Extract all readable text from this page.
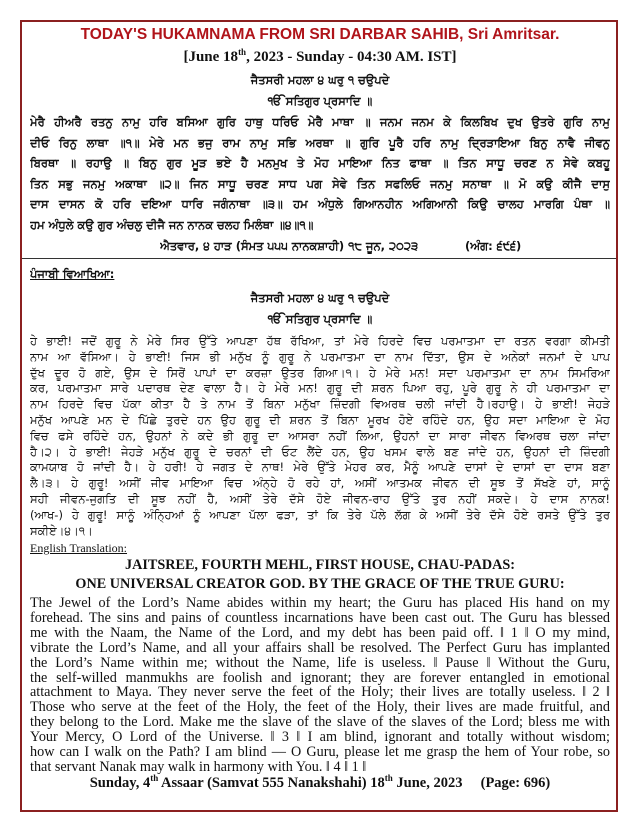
TODAY'S HUKAMNAMA FROM SRI DARBAR SAHIB, Sri Amritsar.
[June 18th, 2023 - Sunday - 04:30 AM. IST]
ਜੈਤਸਰੀ ਮਹਲਾ ੪ ਘਰੁ ੧ ਚਉਪਦੇ
ੴ ਸਤਿਗੁਰ ਪ੍ਰਸਾਦਿ ॥
ਮੇਰੈ ਹੀਅਰੈ ਰਤਨੁ ਨਾਮੁ ਹਰਿ ਬਸਿਆ ਗੁਰਿ ਹਾਥੁ ਧਰਿਓ ਮੇਰੈ ਮਾਥਾ ॥ ਜਨਮ ਜਨਮ ਕੇ ਕਿਲਬਿਖ ਦੁਖ ਉਤਰੇ ਗੁਰਿ ਨਾਮੁ
ਦੀਓ ਰਿਨੁ ਲਾਥਾ ॥੧॥ ਮੇਰੇ ਮਨ ਭਜੁ ਰਾਮ ਨਾਮੁ ਸਭਿ ਅਰਥਾ ॥ ਗੁਰਿ ਪੂਰੈ ਹਰਿ ਨਾਮੁ ਦ੍ਰਿੜਾਇਆ ਬਿਨੁ ਨਾਵੈ ਜੀਵਨੁ
ਬਿਰਥਾ ॥ ਰਹਾਉ ॥ ਬਿਨੁ ਗੁਰ ਮੂੜ ਭਏ ਹੈ ਮਨਮੁਖ ਤੇ ਮੋਹ ਮਾਇਆ ਨਿਤ ਫਾਥਾ ॥ ਤਿਨ ਸਾਧੂ ਚਰਣ ਨ ਸੇਵੇ ਕਬਹੂ
ਤਿਨ ਸਭੁ ਜਨਮੁ ਅਕਾਥਾ ॥੨॥ ਜਿਨ ਸਾਧੂ ਚਰਣ ਸਾਧ ਪਗ ਸੇਵੇ ਤਿਨ ਸਫਲਿਓ ਜਨਮੁ ਸਨਾਥਾ ॥ ਮੋ ਕਉ ਕੀਜੈ ਦਾਸੁ
ਦਾਸ ਦਾਸਨ ਕੋ ਹਰਿ ਦਇਆ ਧਾਰਿ ਜਗੰਨਾਥਾ ॥੩॥ ਹਮ ਅੰਧੁਲੇ ਗਿਆਨਹੀਨ ਅਗਿਆਨੀ ਕਿਉ ਚਾਲਹ ਮਾਰਗਿ ਪੰਥਾ ॥
ਹਮ ਅੰਧੁਲੇ ਕਉ ਗੁਰ ਅੰਚਲੁ ਦੀਜੈ ਜਨ ਨਾਨਕ ਚਲਹ ਮਿਲੰਥਾ ॥੪॥੧॥
ਐਤਵਾਰ, ੪ ਹਾੜ (ਸੰਮਤ ੫੫੫ ਨਾਨਕਸ਼ਾਹੀ) ੧੮ ਜੂਨ, ੨੦੨੩	(ਅੰਗ: ੬੯੬)
ਪੰਜਾਬੀ ਵਿਆਖਿਆ:
ਜੈਤਸਰੀ ਮਹਲਾ ੪ ਘਰੁ ੧ ਚਉਪਦੇ
ੴ ਸਤਿਗੁਰ ਪ੍ਰਸਾਦਿ ॥
ਹੇ ਭਾਈ! ਜਦੋਂ ਗੁਰੂ ਨੇ ਮੇਰੇ ਸਿਰ ਉੱਤੇ ਆਪਣਾ ਹੱਥ ਰੱਖਿਆ, ਤਾਂ ਮੇਰੇ ਹਿਰਦੇ ਵਿਚ ਪਰਮਾਤਮਾ ਦਾ ਰਤਨ ਵਰਗਾ ਕੀਮਤੀ
ਨਾਮ ਆ ਵੱਸਿਆ। ਹੇ ਭਾਈ! ਜਿਸ ਭੀ ਮਨੁੱਖ ਨੂੰ ਗੁਰੂ ਨੇ ਪਰਮਾਤਮਾ ਦਾ ਨਾਮ ਦਿੱਤਾ, ਉਸ ਦੇ ਅਨੇਕਾਂ ਜਨਮਾਂ ਦੇ ਪਾਪ
ਦੁੱਖ ਦੂਰ ਹੋ ਗਏ, ਉਸ ਦੇ ਸਿਰੋਂ ਪਾਪਾਂ ਦਾ ਕਰਜ਼ਾ ਉਤਰ ਗਿਆ।੧। ਹੇ ਮੇਰੇ ਮਨ! ਸਦਾ ਪਰਮਾਤਮਾ ਦਾ ਨਾਮ ਸਿਮਰਿਆ
ਕਰ, ਪਰਮਾਤਮਾ ਸਾਰੇ ਪਦਾਰਥ ਦੇਣ ਵਾਲਾ ਹੈ। ਹੇ ਮੇਰੇ ਮਨ! ਗੁਰੂ ਦੀ ਸ਼ਰਨ ਪਿਆ ਰਹੁ, ਪੂਰੇ ਗੁਰੂ ਨੇ ਹੀ ਪਰਮਾਤਮਾ ਦਾ
ਨਾਮ ਹਿਰਦੇ ਵਿਚ ਪੱਕਾ ਕੀਤਾ ਹੈ ਤੇ ਨਾਮ ਤੋਂ ਬਿਨਾ ਮਨੁੱਖਾ ਜ਼ਿੰਦਗੀ ਵਿਅਰਥ ਚਲੀ ਜਾਂਦੀ ਹੈ।ਰਹਾਉ। ਹੇ ਭਾਈ! ਜੇਹੜੇ
ਮਨੁੱਖ ਆਪਣੇ ਮਨ ਦੇ ਪਿੱਛੇ ਤੁਰਦੇ ਹਨ ਉਹ ਗੁਰੂ ਦੀ ਸ਼ਰਨ ਤੋਂ ਬਿਨਾ ਮੂਰਖ ਹੋਏ ਰਹਿੰਦੇ ਹਨ, ਉਹ ਸਦਾ ਮਾਇਆ ਦੇ ਮੋਹ
ਵਿਚ ਫਸੇ ਰਹਿੰਦੇ ਹਨ, ਉਹਨਾਂ ਨੇ ਕਦੇ ਭੀ ਗੁਰੂ ਦਾ ਆਸਰਾ ਨਹੀਂ ਲਿਆ, ਉਹਨਾਂ ਦਾ ਸਾਰਾ ਜੀਵਨ ਵਿਅਰਥ ਚਲਾ ਜਾਂਦਾ
ਹੈ।੨। ਹੇ ਭਾਈ! ਜੇਹੜੇ ਮਨੁੱਖ ਗੁਰੂ ਦੇ ਚਰਨਾਂ ਦੀ ਓਟ ਲੈਂਦੇ ਹਨ, ਉਹ ਖਸਮ ਵਾਲੇ ਬਣ ਜਾਂਦੇ ਹਨ, ਉਹਨਾਂ ਦੀ ਜ਼ਿੰਦਗੀ
ਕਾਮਯਾਬ ਹੋ ਜਾਂਦੀ ਹੈ। ਹੇ ਹਰੀ! ਹੇ ਜਗਤ ਦੇ ਨਾਥ! ਮੇਰੇ ਉੱਤੇ ਮੇਹਰ ਕਰ, ਮੈਨੂੰ ਆਪਣੇ ਦਾਸਾਂ ਦੇ ਦਾਸਾਂ ਦਾ ਦਾਸ ਬਣਾ
ਲੈ।੩। ਹੇ ਗੁਰੂ! ਅਸੀਂ ਜੀਵ ਮਾਇਆ ਵਿਚ ਅੰਨ੍ਹੇ ਹੋ ਰਹੇ ਹਾਂ, ਅਸੀਂ ਆਤਮਕ ਜੀਵਨ ਦੀ ਸੂਝ ਤੋਂ ਸੱਖਣੇ ਹਾਂ, ਸਾਨੂੰ
ਸਹੀ ਜੀਵਨ-ਜੁਗਤਿ ਦੀ ਸੂਝ ਨਹੀਂ ਹੈ, ਅਸੀਂ ਤੇਰੇ ਦੱਸੇ ਹੋਏ ਜੀਵਨ-ਰਾਹ ਉੱਤੇ ਤੁਰ ਨਹੀਂ ਸਕਦੇ। ਹੇ ਦਾਸ ਨਾਨਕ!
(ਆਖ-) ਹੇ ਗੁਰੂ! ਸਾਨੂੰ ਅੰਨ੍ਹਿਆਂ ਨੂੰ ਆਪਣਾ ਪੱਲਾ ਫੜਾ, ਤਾਂ ਕਿ ਤੇਰੇ ਪੱਲੇ ਲੱਗ ਕੇ ਅਸੀਂ ਤੇਰੇ ਦੱਸੇ ਹੋਏ ਰਸਤੇ ਉੱਤੇ ਤੁਰ
ਸਕੀਏ।੪।੧।
English Translation:
JAITSREE, FOURTH MEHL, FIRST HOUSE, CHAU-PADAS:
ONE UNIVERSAL CREATOR GOD. BY THE GRACE OF THE TRUE GURU:
The Jewel of the Lord’s Name abides within my heart; the Guru has placed His hand on my
forehead. The sins and pains of countless incarnations have been cast out. The Guru has blessed
me with the Naam, the Name of the Lord, and my debt has been paid off. ‖ 1 ‖ O my mind,
vibrate the Lord’s Name, and all your affairs shall be resolved. The Perfect Guru has implanted
the Lord’s Name within me; without the Name, life is useless. ‖ Pause ‖ Without the Guru,
the self-willed manmukhs are foolish and ignorant; they are forever entangled in emotional
attachment to Maya. They never serve the feet of the Holy; their lives are totally useless. ‖ 2 ‖
Those who serve at the feet of the Holy, the feet of the Holy, their lives are made fruitful, and
they belong to the Lord. Make me the slave of the slave of the slaves of the Lord; bless me with
Your Mercy, O Lord of the Universe. ‖ 3 ‖ I am blind, ignorant and totally without wisdom;
how can I walk on the Path? I am blind — O Guru, please let me grasp the hem of Your robe, so
that servant Nanak may walk in harmony with You. ‖ 4 ‖ 1 ‖
Sunday, 4th Assaar (Samvat 555 Nanakshahi) 18th June, 2023 (Page: 696)
